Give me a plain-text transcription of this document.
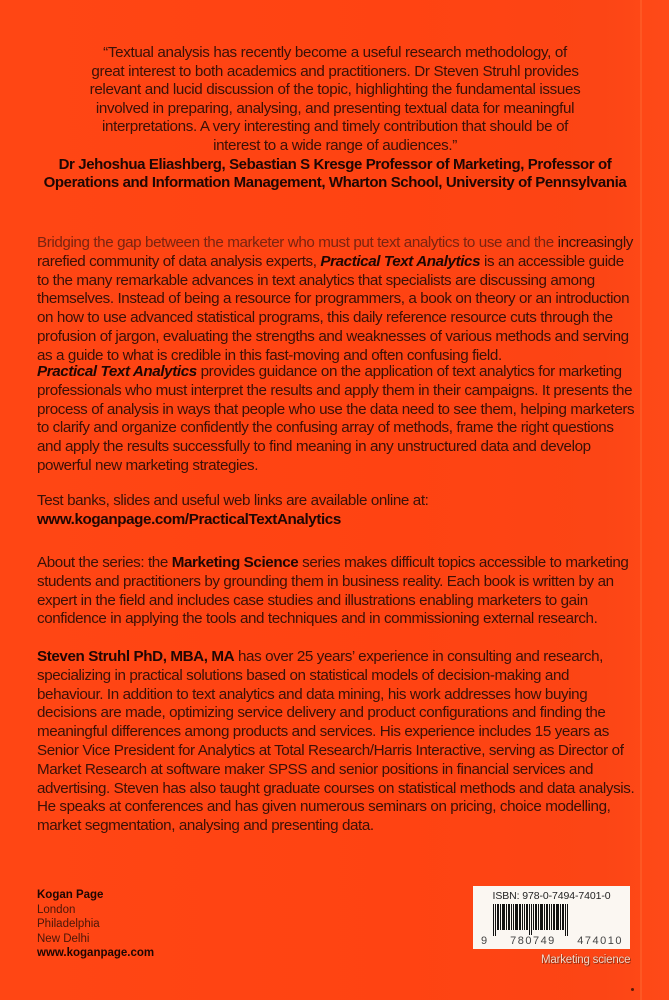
“Textual analysis has recently become a useful research methodology, of
great interest to both academics and practitioners. Dr Steven Struhl provides
relevant and lucid discussion of the topic, highlighting the fundamental issues
involved in preparing, analysing, and presenting textual data for meaningful
interpretations. A very interesting and timely contribution that should be of
interest to a wide range of audiences.”
Dr Jehoshua Eliashberg, Sebastian S Kresge Professor of Marketing, Professor of
Operations and Information Management, Wharton School, University of Pennsylvania

Bridging the gap between the marketer who must put text analytics to use and the increasingly rarefied community of data analysis experts, Practical Text Analytics is an accessible guide to the many remarkable advances in text analytics that specialists are discussing among themselves. Instead of being a resource for programmers, a book on theory or an introduction on how to use advanced statistical programs, this daily reference resource cuts through the profusion of jargon, evaluating the strengths and weaknesses of various methods and serving as a guide to what is credible in this fast-moving and often confusing field.

Practical Text Analytics provides guidance on the application of text analytics for marketing professionals who must interpret the results and apply them in their campaigns. It presents the process of analysis in ways that people who use the data need to see them, helping marketers to clarify and organize confidently the confusing array of methods, frame the right questions and apply the results successfully to find meaning in any unstructured data and develop powerful new marketing strategies.

Test banks, slides and useful web links are available online at:
www.koganpage.com/PracticalTextAnalytics

About the series: the Marketing Science series makes difficult topics accessible to marketing students and practitioners by grounding them in business reality. Each book is written by an expert in the field and includes case studies and illustrations enabling marketers to gain confidence in applying the tools and techniques and in commissioning external research.

Steven Struhl PhD, MBA, MA has over 25 years’ experience in consulting and research, specializing in practical solutions based on statistical models of decision-making and behaviour. In addition to text analytics and data mining, his work addresses how buying decisions are made, optimizing service delivery and product configurations and finding the meaningful differences among products and services. His experience includes 15 years as Senior Vice President for Analytics at Total Research/Harris Interactive, serving as Director of Market Research at software maker SPSS and senior positions in financial services and advertising. Steven has also taught graduate courses on statistical methods and data analysis. He speaks at conferences and has given numerous seminars on pricing, choice modelling, market segmentation, analysing and presenting data.

Kogan Page
London
Philadelphia
New Delhi
www.koganpage.com
ISBN: 978-0-7494-7401-0
9 780749 474010
Marketing science
